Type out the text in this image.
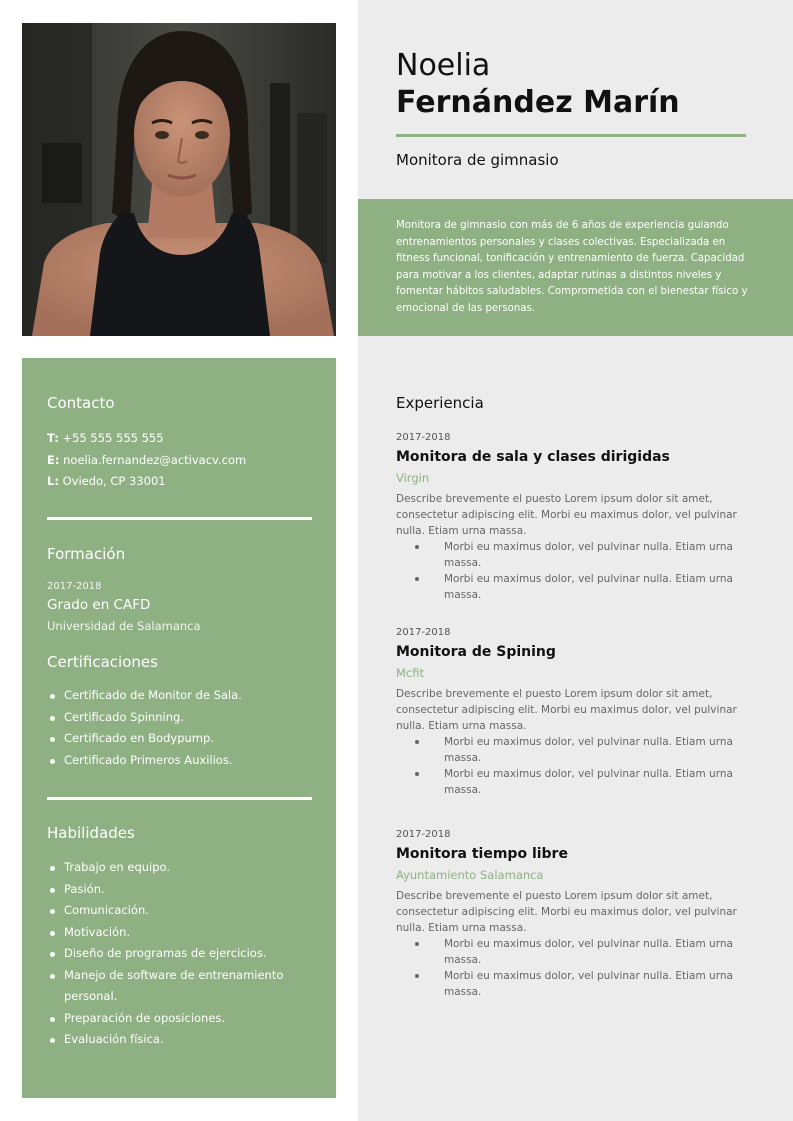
Noelia
Fernández Marín
Monitora de gimnasio

Monitora de gimnasio con más de 6 años de experiencia guiando entrenamientos personales y clases colectivas. Especializada en fitness funcional, tonificación y entrenamiento de fuerza. Capacidad para motivar a los clientes, adaptar rutinas a distintos niveles y fomentar hábitos saludables. Comprometida con el bienestar físico y emocional de las personas.

Contacto
T: +55 555 555 555
E: noelia.fernandez@activacv.com
L: Oviedo, CP 33001
Formación
2017-2018
Grado en CAFD
Universidad de Salamanca
Certificaciones
Certificado de Monitor de Sala.
Certificado Spinning.
Certificado en Bodypump.
Certificado Primeros Auxilios.
Habilidades
Trabajo en equipo.
Pasión.
Comunicación.
Motivación.
Diseño de programas de ejercicios.
Manejo de software de entrenamiento personal.
Preparación de oposiciones.
Evaluación física.
Experiencia
2017-2018
Monitora de sala y clases dirigidas
Virgin
Describe brevemente el puesto Lorem ipsum dolor sit amet, consectetur adipiscing elit. Morbi eu maximus dolor, vel pulvinar nulla. Etiam urna massa.
Morbi eu maximus dolor, vel pulvinar nulla. Etiam urna massa.
Morbi eu maximus dolor, vel pulvinar nulla. Etiam urna massa.
2017-2018
Monitora de Spining
Mcfit
Describe brevemente el puesto Lorem ipsum dolor sit amet, consectetur adipiscing elit. Morbi eu maximus dolor, vel pulvinar nulla. Etiam urna massa.
Morbi eu maximus dolor, vel pulvinar nulla. Etiam urna massa.
Morbi eu maximus dolor, vel pulvinar nulla. Etiam urna massa.
2017-2018
Monitora tiempo libre
Ayuntamiento Salamanca
Describe brevemente el puesto Lorem ipsum dolor sit amet, consectetur adipiscing elit. Morbi eu maximus dolor, vel pulvinar nulla. Etiam urna massa.
Morbi eu maximus dolor, vel pulvinar nulla. Etiam urna massa.
Morbi eu maximus dolor, vel pulvinar nulla. Etiam urna massa.
